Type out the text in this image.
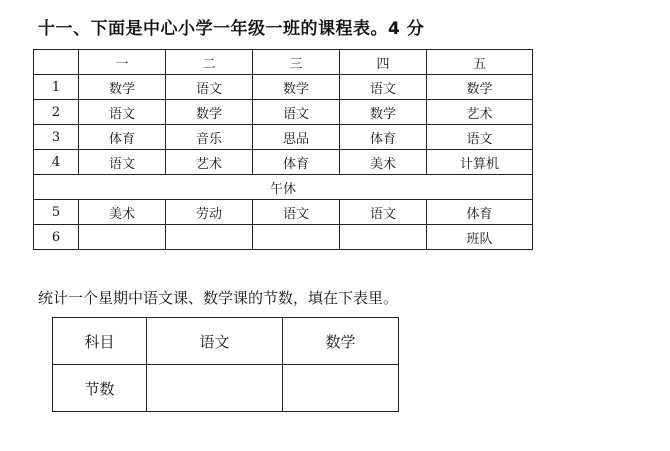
十一、下面是中心小学一年级一班的课程表。4 分
	一	二	三	四	五
1	数学	语文	数学	语文	数学
2	语文	数学	语文	数学	艺术
3	体育	音乐	思品	体育	语文
4	语文	艺术	体育	美术	计算机
午休					
5	美术	劳动	语文	语文	体育
6					班队
统计一个星期中语文课、数学课的节数，填在下表里。
科目	语文	数学
节数		
